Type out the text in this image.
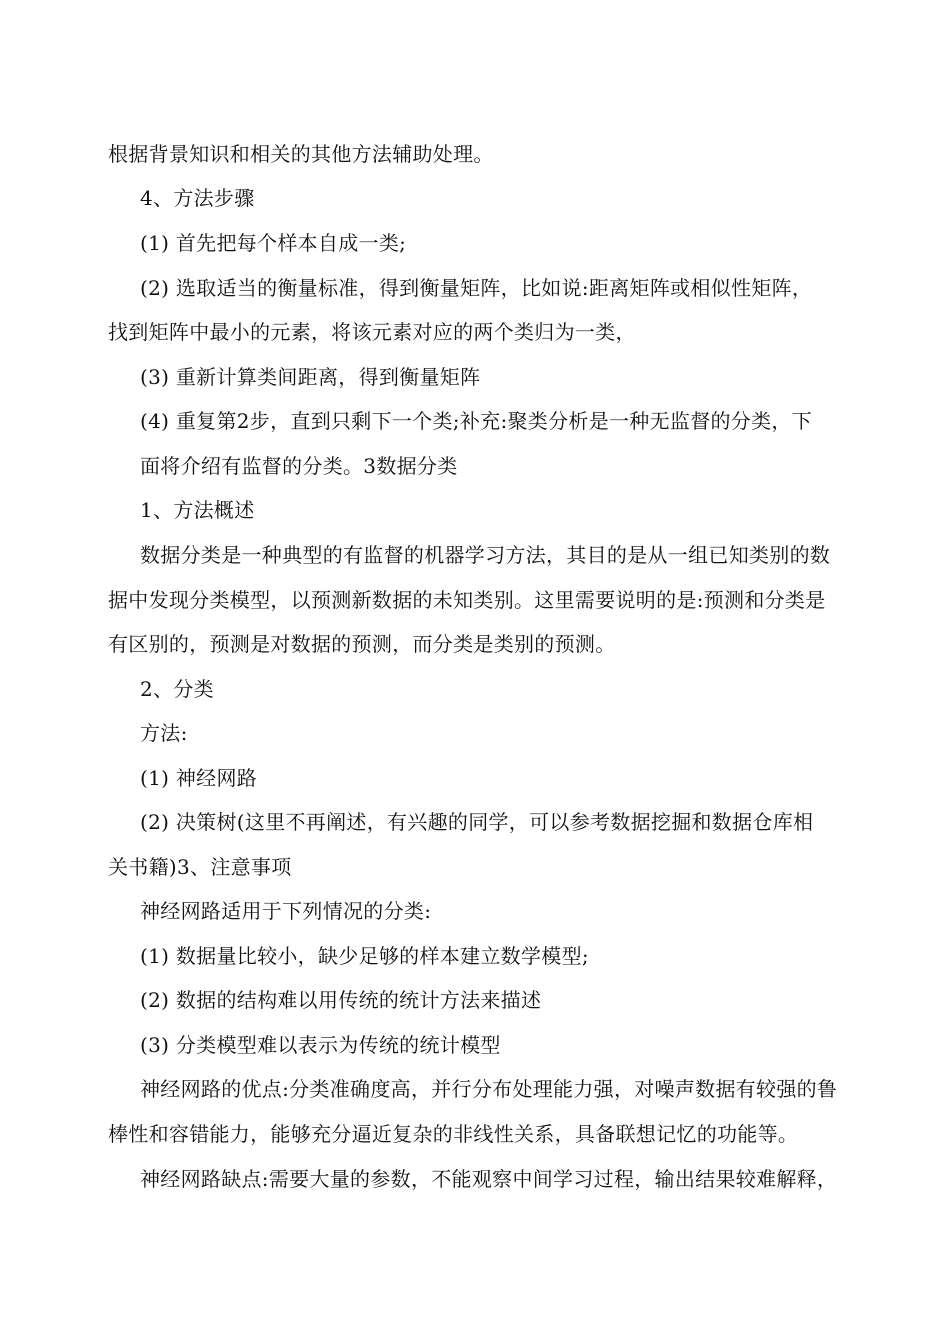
根据背景知识和相关的其他方法辅助处理。
4、方法步骤
(1) 首先把每个样本自成一类;
(2) 选取适当的衡量标准，得到衡量矩阵，比如说:距离矩阵或相似性矩阵，
找到矩阵中最小的元素，将该元素对应的两个类归为一类，
(3) 重新计算类间距离，得到衡量矩阵
(4) 重复第2步，直到只剩下一个类;补充:聚类分析是一种无监督的分类，下
面将介绍有监督的分类。3数据分类
1、方法概述
数据分类是一种典型的有监督的机器学习方法，其目的是从一组已知类别的数
据中发现分类模型，以预测新数据的未知类别。这里需要说明的是:预测和分类是
有区别的，预测是对数据的预测，而分类是类别的预测。
2、分类
方法:
(1) 神经网路
(2) 决策树(这里不再阐述，有兴趣的同学，可以参考数据挖掘和数据仓库相
关书籍)3、注意事项
神经网路适用于下列情况的分类:
(1) 数据量比较小，缺少足够的样本建立数学模型;
(2) 数据的结构难以用传统的统计方法来描述
(3) 分类模型难以表示为传统的统计模型
神经网路的优点:分类准确度高，并行分布处理能力强，对噪声数据有较强的鲁
棒性和容错能力，能够充分逼近复杂的非线性关系，具备联想记忆的功能等。
神经网路缺点:需要大量的参数，不能观察中间学习过程，输出结果较难解释，
